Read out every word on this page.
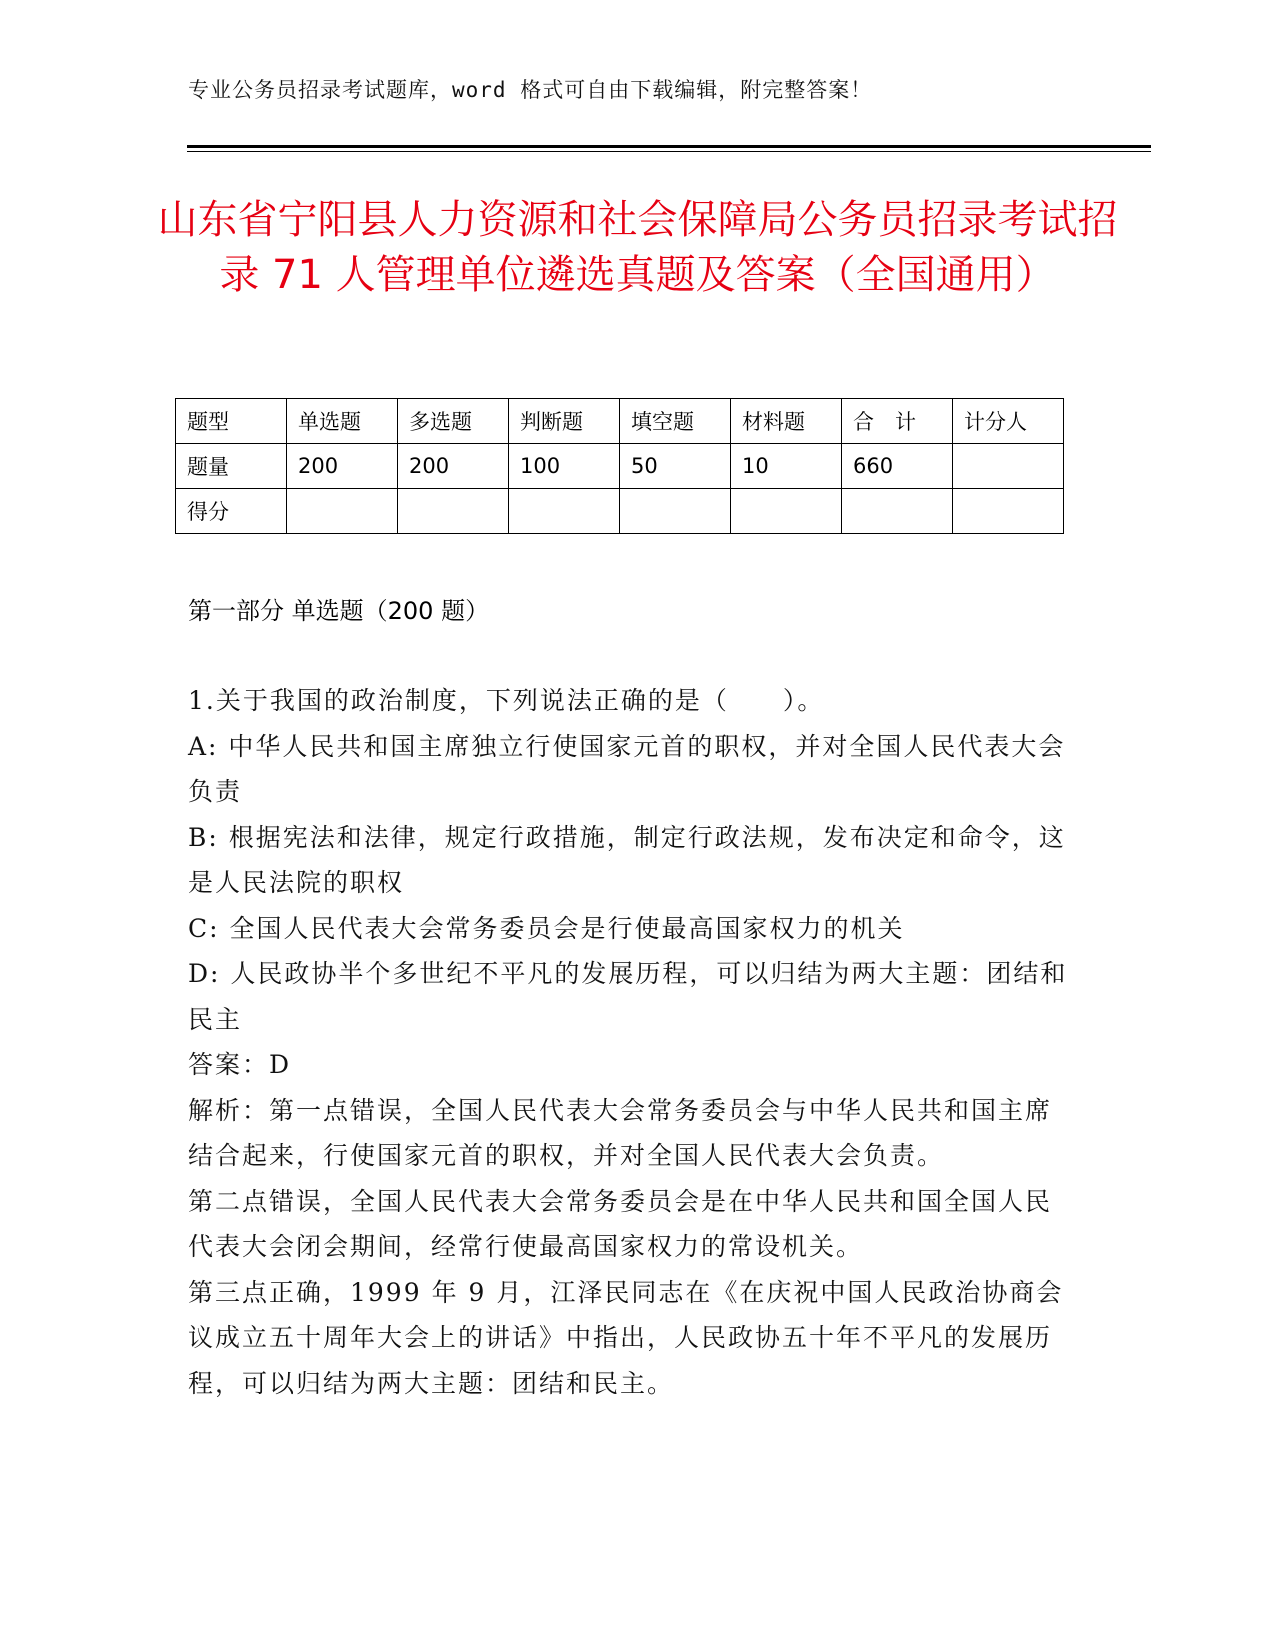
专业公务员招录考试题库，word 格式可自由下载编辑，附完整答案！
山东省宁阳县人力资源和社会保障局公务员招录考试招录 71 人管理单位遴选真题及答案（全国通用）
题型	单选题	多选题	判断题	填空题	材料题	合　计	计分人
题量	200	200	100	50	10	660	
得分							
第一部分 单选题（200 题）

1.关于我国的政治制度，下列说法正确的是（　　）。

A: 中华人民共和国主席独立行使国家元首的职权，并对全国人民代表大会负责

B: 根据宪法和法律，规定行政措施，制定行政法规，发布决定和命令，这是人民法院的职权

C: 全国人民代表大会常务委员会是行使最高国家权力的机关

D: 人民政协半个多世纪不平凡的发展历程，可以归结为两大主题：团结和民主

答案：D

解析：第一点错误，全国人民代表大会常务委员会与中华人民共和国主席结合起来，行使国家元首的职权，并对全国人民代表大会负责。

第二点错误，全国人民代表大会常务委员会是在中华人民共和国全国人民代表大会闭会期间，经常行使最高国家权力的常设机关。

第三点正确，1999 年 9 月，江泽民同志在《在庆祝中国人民政治协商会议成立五十周年大会上的讲话》中指出，人民政协五十年不平凡的发展历程，可以归结为两大主题：团结和民主。
